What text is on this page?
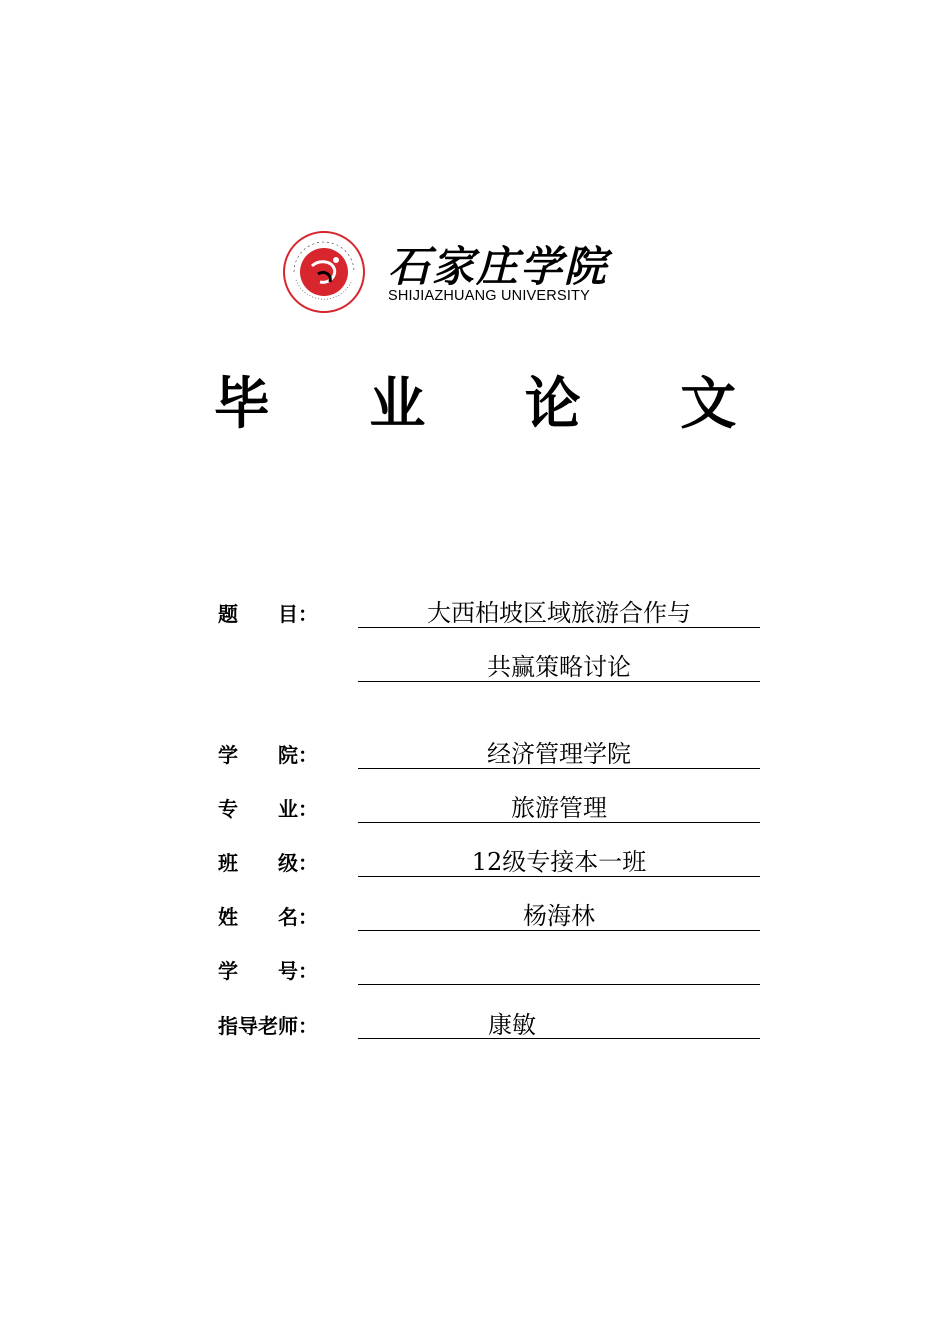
石家庄学院
SHIJIAZHUANG UNIVERSITY
毕 业 论 文
题　　目：	大西柏坡区域旅游合作与
共赢策略讨论
学　　院：	经济管理学院
专　　业：	旅游管理
班　　级：	12级专接本一班
姓　　名：	杨海林
学　　号：
指导老师：	康敏
